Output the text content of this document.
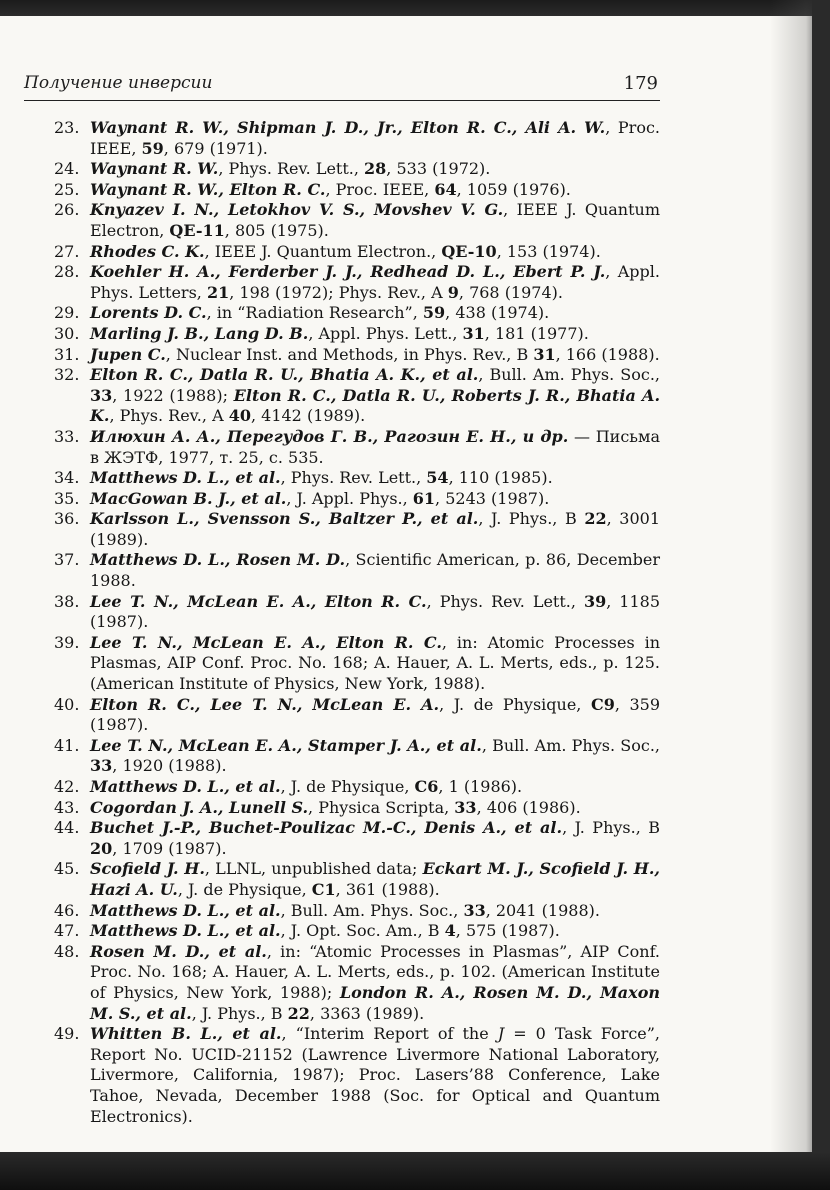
Получение инверсии	179
23. Waynant R. W., Shipman J. D., Jr., Elton R. C., Ali A. W., Proc. IEEE, 59, 679 (1971).
24. Waynant R. W., Phys. Rev. Lett., 28, 533 (1972).
25. Waynant R. W., Elton R. C., Proc. IEEE, 64, 1059 (1976).
26. Knyazev I. N., Letokhov V. S., Movshev V. G., IEEE J. Quantum Electron, QE-11, 805 (1975).
27. Rhodes C. K., IEEE J. Quantum Electron., QE-10, 153 (1974).
28. Koehler H. A., Ferderber J. J., Redhead D. L., Ebert P. J., Appl. Phys. Letters, 21, 198 (1972); Phys. Rev., A 9, 768 (1974).
29. Lorents D. C., in “Radiation Research”, 59, 438 (1974).
30. Marling J. B., Lang D. B., Appl. Phys. Lett., 31, 181 (1977).
31. Jupen C., Nuclear Inst. and Methods, in Phys. Rev., B 31, 166 (1988).
32. Elton R. C., Datla R. U., Bhatia A. K., et al., Bull. Am. Phys. Soc., 33, 1922 (1988); Elton R. C., Datla R. U., Roberts J. R., Bhatia A. K., Phys. Rev., A 40, 4142 (1989).
33. Илюхин А. А., Перегудов Г. В., Рагозин Е. Н., и др. — Письма в ЖЭТФ, 1977, т. 25, с. 535.
34. Matthews D. L., et al., Phys. Rev. Lett., 54, 110 (1985).
35. MacGowan B. J., et al., J. Appl. Phys., 61, 5243 (1987).
36. Karlsson L., Svensson S., Baltzer P., et al., J. Phys., B 22, 3001 (1989).
37. Matthews D. L., Rosen M. D., Scientific American, p. 86, December 1988.
38. Lee T. N., McLean E. A., Elton R. C., Phys. Rev. Lett., 39, 1185 (1987).
39. Lee T. N., McLean E. A., Elton R. C., in: Atomic Processes in Plasmas, AIP Conf. Proc. No. 168; A. Hauer, A. L. Merts, eds., p. 125. (American Institute of Physics, New York, 1988).
40. Elton R. C., Lee T. N., McLean E. A., J. de Physique, C9, 359 (1987).
41. Lee T. N., McLean E. A., Stamper J. A., et al., Bull. Am. Phys. Soc., 33, 1920 (1988).
42. Matthews D. L., et al., J. de Physique, C6, 1 (1986).
43. Cogordan J. A., Lunell S., Physica Scripta, 33, 406 (1986).
44. Buchet J.-P., Buchet-Poulizac M.-C., Denis A., et al., J. Phys., B 20, 1709 (1987).
45. Scofield J. H., LLNL, unpublished data; Eckart M. J., Scofield J. H., Hazi A. U., J. de Physique, C1, 361 (1988).
46. Matthews D. L., et al., Bull. Am. Phys. Soc., 33, 2041 (1988).
47. Matthews D. L., et al., J. Opt. Soc. Am., B 4, 575 (1987).
48. Rosen M. D., et al., in: “Atomic Processes in Plasmas”, AIP Conf. Proc. No. 168; A. Hauer, A. L. Merts, eds., p. 102. (American Institute of Physics, New York, 1988); London R. A., Rosen M. D., Maxon M. S., et al., J. Phys., B 22, 3363 (1989).
49. Whitten B. L., et al., “Interim Report of the J = 0 Task Force”, Report No. UCID-21152 (Lawrence Livermore National Laboratory, Livermore, California, 1987); Proc. Lasers’88 Conference, Lake Tahoe, Nevada, December 1988 (Soc. for Optical and Quantum Electronics).
